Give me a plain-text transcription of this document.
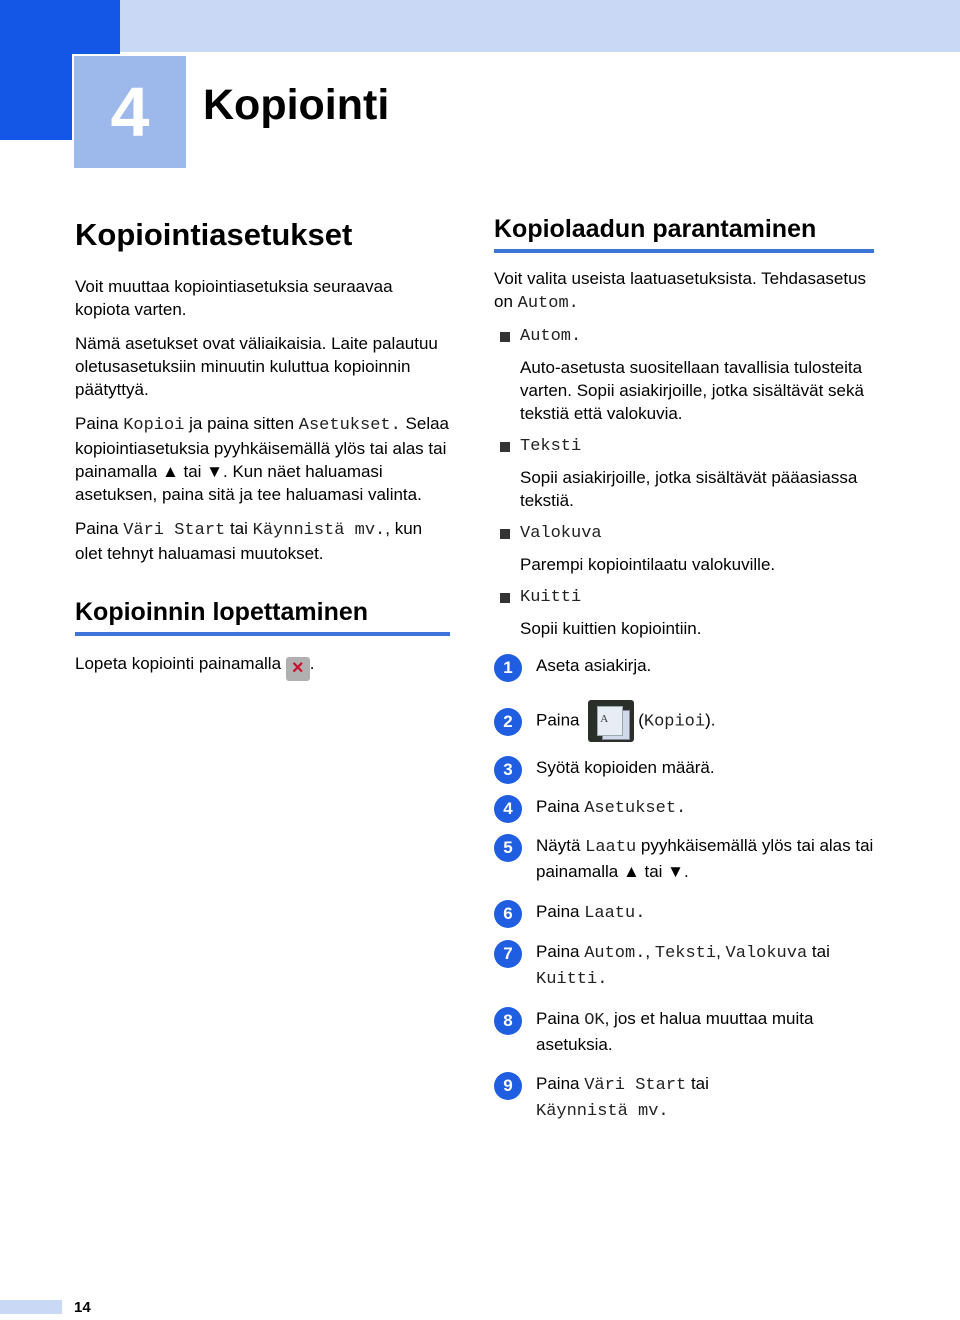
4	Kopiointi
Kopiointiasetukset

Voit muuttaa kopiointiasetuksia seuraavaa kopiota varten.

Nämä asetukset ovat väliaikaisia. Laite palautuu oletusasetuksiin minuutin kuluttua kopioinnin päätyttyä.

Paina Kopioi ja paina sitten Asetukset. Selaa kopiointiasetuksia pyyhkäisemällä ylös tai alas tai painamalla ▲ tai ▼. Kun näet haluamasi asetuksen, paina sitä ja tee haluamasi valinta.

Paina Väri Start tai Käynnistä mv., kun olet tehnyt haluamasi muutokset.

Kopioinnin lopettaminen

Lopeta kopiointi painamalla × .

Kopiolaadun parantaminen

Voit valita useista laatuasetuksista. Tehdasasetus on Autom.

Autom.
Auto-asetusta suositellaan tavallisia tulosteita varten. Sopii asiakirjoille, jotka sisältävät sekä tekstiä että valokuvia.
Teksti
Sopii asiakirjoille, jotka sisältävät pääasiassa tekstiä.
Valokuva
Parempi kopiointilaatu valokuville.
Kuitti
Sopii kuittien kopiointiin.
1	Aseta asiakirja.
2	Paina A	(Kopioi).
3	Syötä kopioiden määrä.
4	Paina Asetukset.
5	Näytä Laatu pyyhkäisemällä ylös tai alas tai painamalla ▲ tai ▼.
6	Paina Laatu.
7	Paina Autom., Teksti, Valokuva tai Kuitti.
8	Paina OK, jos et halua muuttaa muita asetuksia.
9	Paina Väri Start tai
Käynnistä mv.
14
